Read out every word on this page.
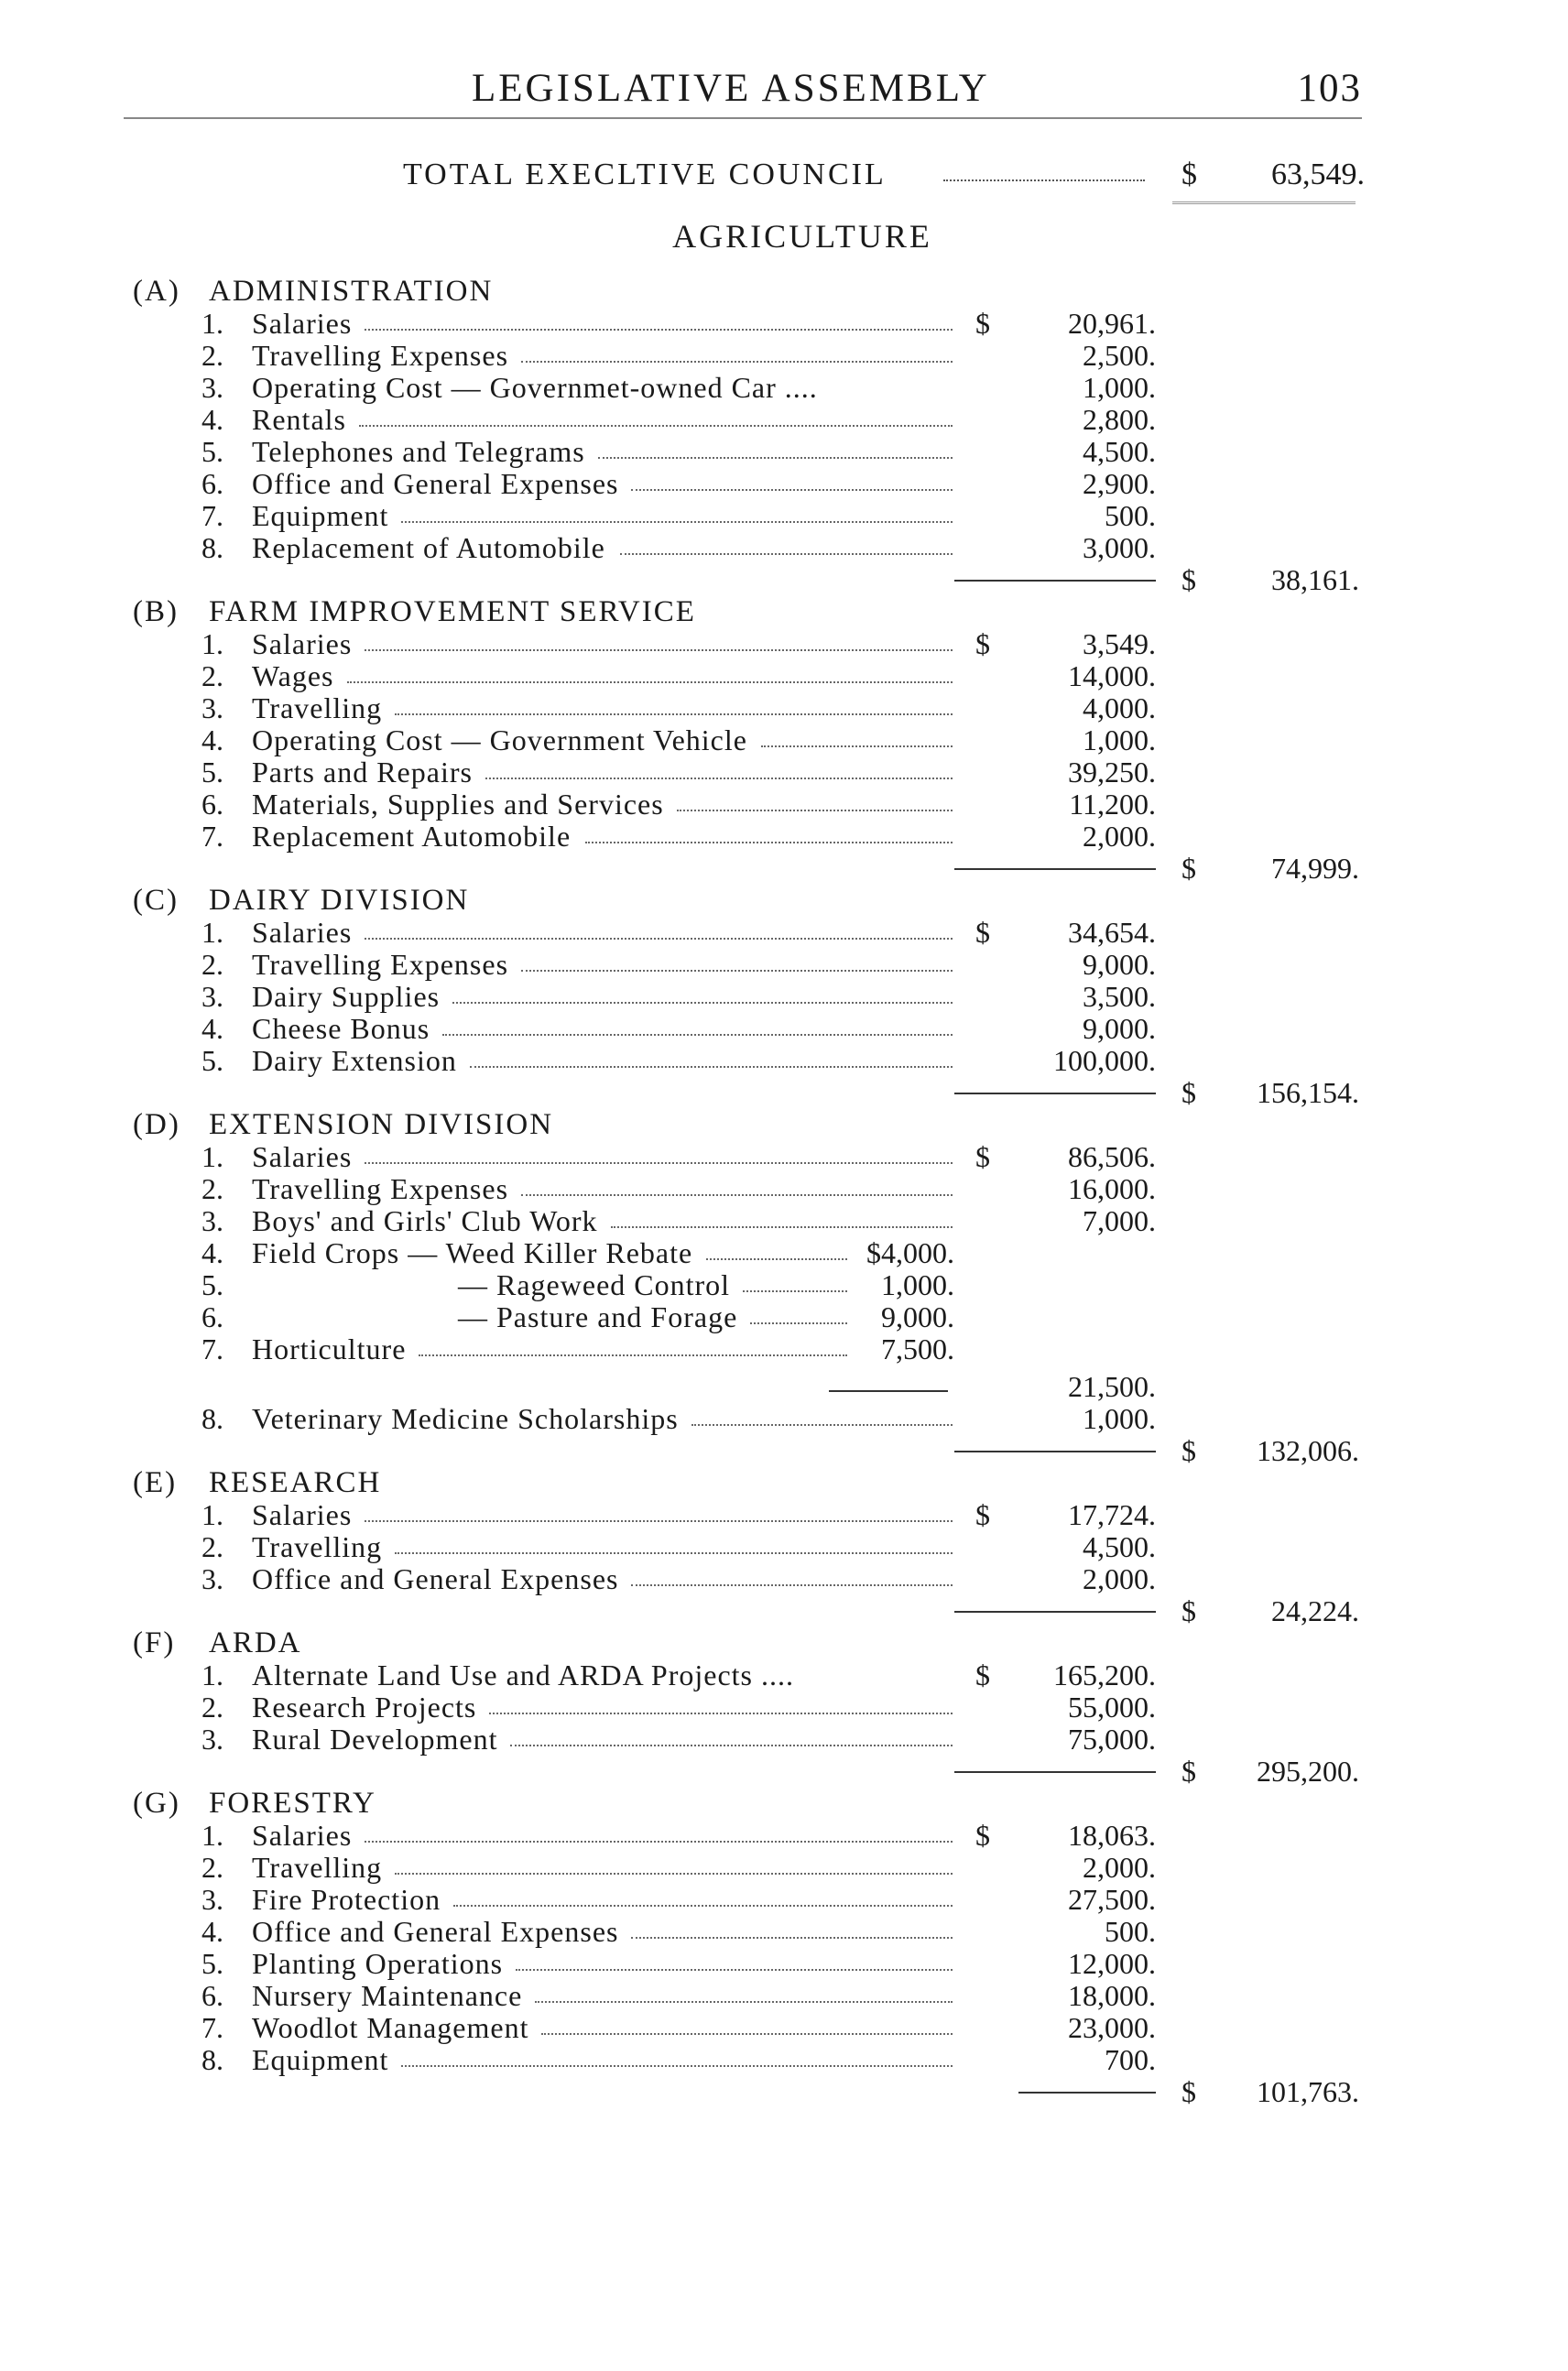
LEGISLATIVE ASSEMBLY	103
TOTAL EXECLTIVE COUNCIL	$ 63,549.
AGRICULTURE
(A) ADMINISTRATION
1. Salaries	$	20,961.
2. Travelling Expenses	2,500.
3. Operating Cost — Governmet-owned Car ....	1,000.
4. Rentals	2,800.
5. Telephones and Telegrams	4,500.
6. Office and General Expenses	2,900.
7. Equipment	500.
8. Replacement of Automobile	3,000.
$	38,161.
(B) FARM IMPROVEMENT SERVICE
1. Salaries	$	3,549.
2. Wages	14,000.
3. Travelling	4,000.
4. Operating Cost — Government Vehicle	1,000.
5. Parts and Repairs	39,250.
6. Materials, Supplies and Services	11,200.
7. Replacement Automobile	2,000.
$	74,999.
(C) DAIRY DIVISION
1. Salaries	$	34,654.
2. Travelling Expenses	9,000.
3. Dairy Supplies	3,500.
4. Cheese Bonus	9,000.
5. Dairy Extension	100,000.
$ 156,154.
(D) EXTENSION DIVISION
1. Salaries	$	86,506.
2. Travelling Expenses	16,000.
3. Boys' and Girls' Club Work	7,000.
4. Field Crops — Weed Killer Rebate	$4,000.
5.	— Rageweed Control	1,000.
6.	— Pasture and Forage	9,000.
7. Horticulture	7,500.
21,500.
8. Veterinary Medicine Scholarships	1,000.
$ 132,006.
(E) RESEARCH
1. Salaries	$	17,724.
2. Travelling	4,500.
3. Office and General Expenses	2,000.
$	24,224.
(F) ARDA
1. Alternate Land Use and ARDA Projects ....	$ 165,200.
2. Research Projects	55,000.
3. Rural Development	75,000.
$ 295,200.
(G) FORESTRY
1. Salaries	$	18,063.
2. Travelling	2,000.
3. Fire Protection	27,500.
4. Office and General Expenses	500.
5. Planting Operations	12,000.
6. Nursery Maintenance	18,000.
7. Woodlot Management	23,000.
8. Equipment	700.
$ 101,763.
